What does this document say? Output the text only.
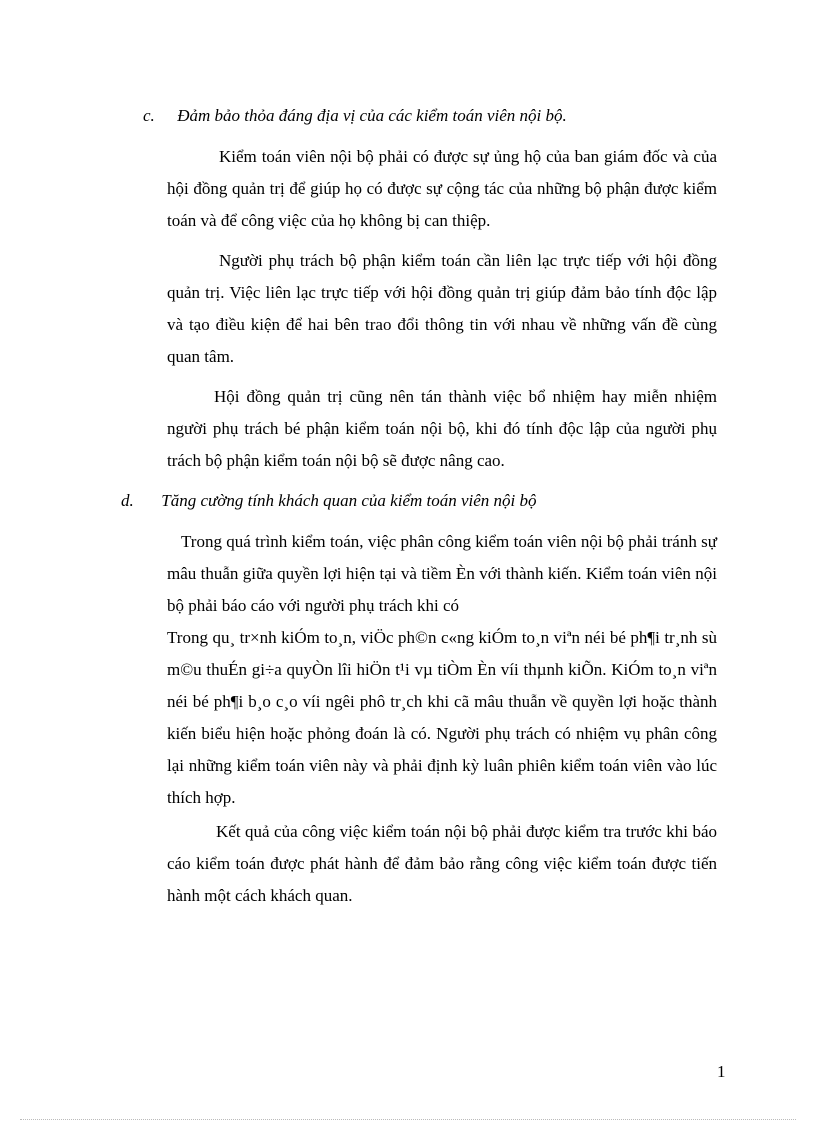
c. Đảm bảo thỏa đáng địa vị của các kiểm toán viên nội bộ.

Kiểm toán viên nội bộ phải có được sự ủng hộ của ban giám đốc và của hội đồng quản trị để giúp họ có được sự cộng tác của những bộ phận được kiểm toán và để công việc của họ không bị can thiệp.

Người phụ trách bộ phận kiểm toán cần liên lạc trực tiếp với hội đồng quản trị. Việc liên lạc trực tiếp với hội đồng quản trị giúp đảm bảo tính độc lập và tạo điều kiện để hai bên trao đổi thông tin với nhau về những vấn đề cùng quan tâm.

Hội đồng quản trị cũng nên tán thành việc bổ nhiệm hay miễn nhiệm người phụ trách bé phận kiểm toán nội bộ, khi đó tính độc lập của người phụ trách bộ phận kiểm toán nội bộ sẽ được nâng cao.

d. Tăng cường tính khách quan của kiểm toán viên nội bộ

Trong quá trình kiểm toán, việc phân công kiểm toán viên nội bộ phải tránh sự mâu thuẫn giữa quyền lợi hiện tại và tiềm Èn với thành kiến. Kiểm toán viên nội bộ phải báo cáo với người phụ trách khi có

Trong qu¸ tr×nh kiÓm to¸n, viÖc ph©n c«ng kiÓm to¸n viªn néi bé ph¶i tr¸nh sù m©u thuÉn gi÷a quyÒn lîi hiÖn t¹i vµ tiÒm Èn víi thµnh kiÕn. KiÓm to¸n viªn néi bé ph¶i b¸o c¸o víi ngêi phô tr¸ch khi cã mâu thuẫn về quyền lợi hoặc thành kiến biểu hiện hoặc phỏng đoán là có. Người phụ trách có nhiệm vụ phân công lại những kiểm toán viên này và phải định kỳ luân phiên kiểm toán viên vào lúc thích hợp.

Kết quả của công việc kiểm toán nội bộ phải được kiểm tra trước khi báo cáo kiểm toán được phát hành để đảm bảo rằng công việc kiểm toán được tiến hành một cách khách quan.

1
